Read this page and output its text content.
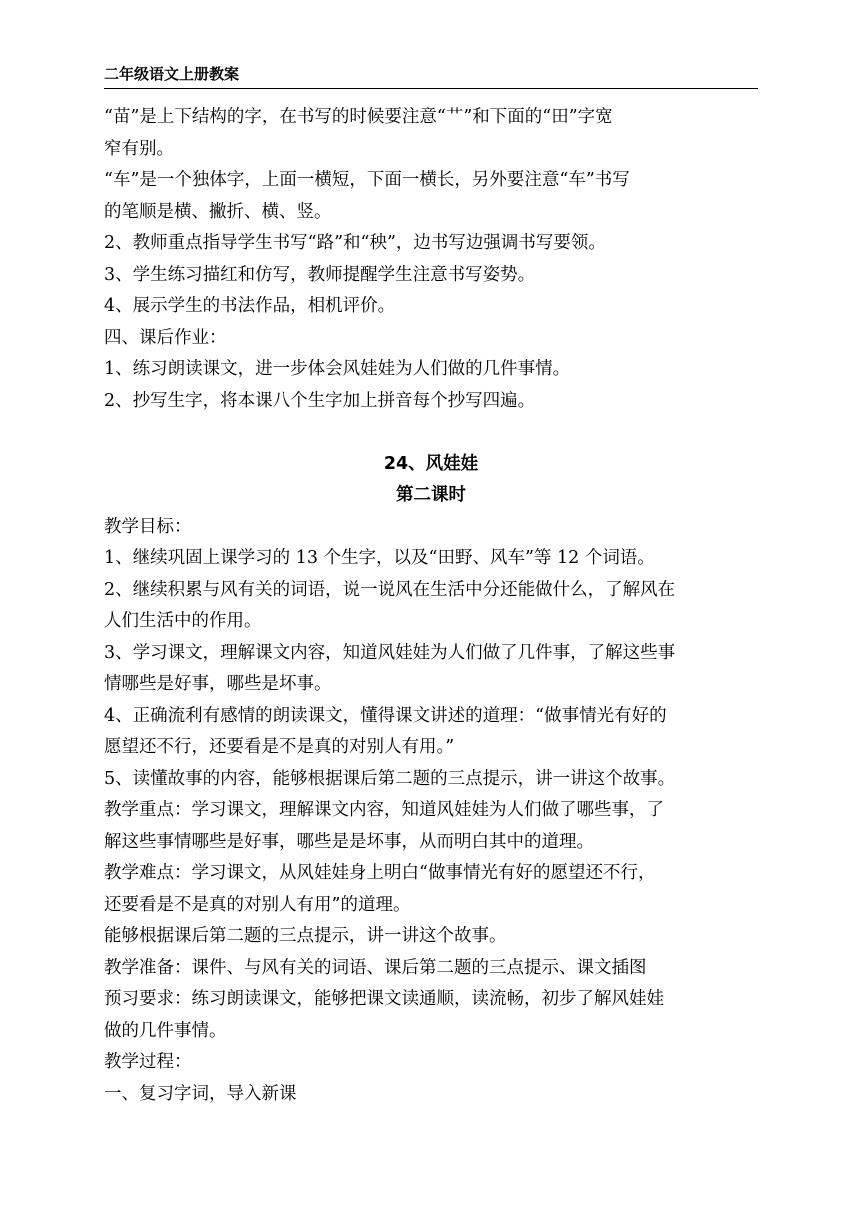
二年级语文上册教案

“苗”是上下结构的字，在书写的时候要注意“艹”和下面的“田”字宽

窄有别。

“车”是一个独体字，上面一横短，下面一横长，另外要注意“车”书写

的笔顺是横、撇折、横、竖。

2、教师重点指导学生书写“路”和“秧”，边书写边强调书写要领。

3、学生练习描红和仿写，教师提醒学生注意书写姿势。

4、展示学生的书法作品，相机评价。

四、课后作业：

1、练习朗读课文，进一步体会风娃娃为人们做的几件事情。

2、抄写生字，将本课八个生字加上拼音每个抄写四遍。

24、风娃娃

第二课时

教学目标：

1、继续巩固上课学习的 13 个生字，以及“田野、风车”等 12 个词语。

2、继续积累与风有关的词语，说一说风在生活中分还能做什么，了解风在

人们生活中的作用。

3、学习课文，理解课文内容，知道风娃娃为人们做了几件事，了解这些事

情哪些是好事，哪些是坏事。

4、正确流利有感情的朗读课文，懂得课文讲述的道理：“做事情光有好的

愿望还不行，还要看是不是真的对别人有用。”

5、读懂故事的内容，能够根据课后第二题的三点提示，讲一讲这个故事。

教学重点：学习课文，理解课文内容，知道风娃娃为人们做了哪些事，了

解这些事情哪些是好事，哪些是是坏事，从而明白其中的道理。

教学难点：学习课文，从风娃娃身上明白“做事情光有好的愿望还不行，

还要看是不是真的对别人有用”的道理。

能够根据课后第二题的三点提示，讲一讲这个故事。

教学准备：课件、与风有关的词语、课后第二题的三点提示、课文插图

预习要求：练习朗读课文，能够把课文读通顺，读流畅，初步了解风娃娃

做的几件事情。

教学过程：

一、复习字词，导入新课
